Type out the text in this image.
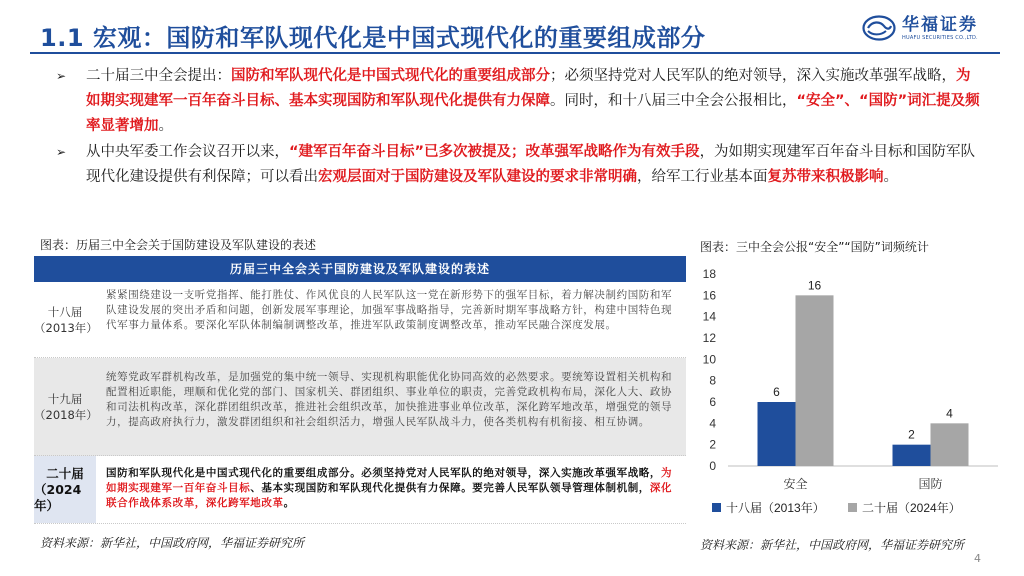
1.1 宏观：国防和军队现代化是中国式现代化的重要组成部分	华福证券
HUAFU SECURITIES CO.,LTD.
➢ 二十届三中全会提出：国防和军队现代化是中国式现代化的重要组成部分；必须坚持党对人民军队的绝对领导，深入实施改革强军战略，为如期实现建军一百年奋斗目标、基本实现国防和军队现代化提供有力保障。同时，和十八届三中全会公报相比，“安全”、“国防”词汇提及频率显著增加。
➢ 从中央军委工作会议召开以来，“建军百年奋斗目标”已多次被提及；改革强军战略作为有效手段，为如期实现建军百年奋斗目标和国防军队现代化建设提供有利保障；可以看出宏观层面对于国防建设及军队建设的要求非常明确，给军工行业基本面复苏带来积极影响。
图表：历届三中全会关于国防建设及军队建设的表述	图表：三中全会公报“安全”“国防”词频统计
历届三中全会关于国防建设及军队建设的表述
十八届
（2013年）
紧紧围绕建设一支听党指挥、能打胜仗、作风优良的人民军队这一党在新形势下的强军目标，着力解决制约国防和军队建设发展的突出矛盾和问题，创新发展军事理论，加强军事战略指导，完善新时期军事战略方针，构建中国特色现代军事力量体系。要深化军队体制编制调整改革，推进军队政策制度调整改革，推动军民融合深度发展。
十九届
（2018年）
统筹党政军群机构改革，是加强党的集中统一领导、实现机构职能优化协同高效的必然要求。要统筹设置相关机构和配置相近职能，理顺和优化党的部门、国家机关、群团组织、事业单位的职责，完善党政机构布局，深化人大、政协和司法机构改革，深化群团组织改革，推进社会组织改革，加快推进事业单位改革，深化跨军地改革，增强党的领导力，提高政府执行力，激发群团组织和社会组织活力，增强人民军队战斗力，使各类机构有机衔接、相互协调。
二十届
（2024年）
国防和军队现代化是中国式现代化的重要组成部分。必须坚持党对人民军队的绝对领导，深入实施改革强军战略，为如期实现建军一百年奋斗目标、基本实现国防和军队现代化提供有力保障。要完善人民军队领导管理体制机制，深化联合作战体系改革，深化跨军地改革。
0
2
4
6
8
10
12
14
16
18
6
16
安全
2
4
国防
十八届（2013年）	二十届（2024年）
资料来源：新华社，中国政府网，华福证券研究所	资料来源：新华社，中国政府网，华福证券研究所
4
